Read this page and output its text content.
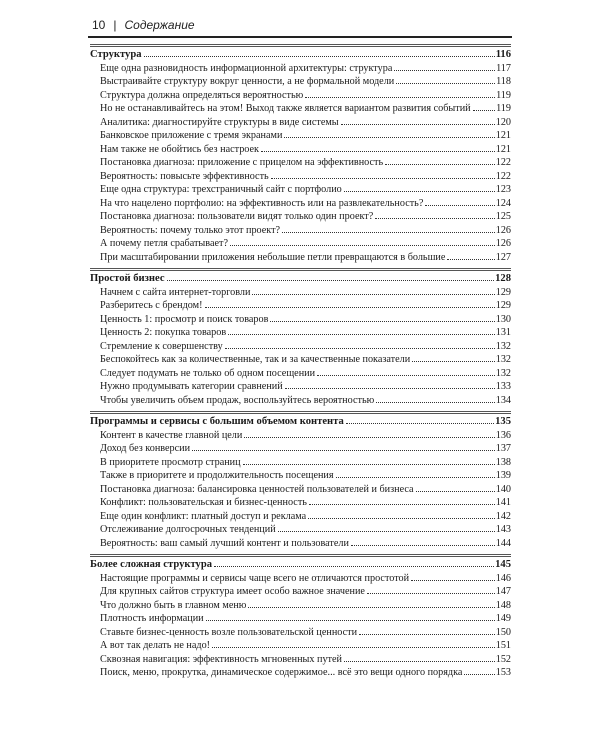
10 | Содержание
Структура	116
Еще одна разновидность информационной архитектуры: структура	117
Выстраивайте структуру вокруг ценности, а не формальной модели	118
Структура должна определяться вероятностью	119
Но не останавливайтесь на этом! Выход также является вариантом развития событий 119
Аналитика: диагностируйте структуры в виде системы	120
Банковское приложение с тремя экранами	121
Нам также не обойтись без настроек	121
Постановка диагноза: приложение с прицелом на эффективность	122
Вероятность: повысьте эффективность	122
Еще одна структура: трехстраничный сайт с портфолио	123
На что нацелено портфолио: на эффективность или на развлекательность?	124
Постановка диагноза: пользователи видят только один проект?	125
Вероятность: почему только этот проект?	126
А почему петля срабатывает?	126
При масштабировании приложения небольшие петли превращаются в большие	127
Простой бизнес	128
Начнем с сайта интернет-торговли	129
Разберитесь с брендом!	129
Ценность 1: просмотр и поиск товаров	130
Ценность 2: покупка товаров	131
Стремление к совершенству	132
Беспокойтесь как за количественные, так и за качественные показатели	132
Следует подумать не только об одном посещении	132
Нужно продумывать категории сравнений	133
Чтобы увеличить объем продаж, воспользуйтесь вероятностью	134
Программы и сервисы с большим объемом контента	135
Контент в качестве главной цели	136
Доход без конверсии	137
В приоритете просмотр страниц	138
Также в приоритете и продолжительность посещения	139
Постановка диагноза: балансировка ценностей пользователей и бизнеса	140
Конфликт: пользовательская и бизнес-ценность	141
Еще один конфликт: платный доступ и реклама	142
Отслеживание долгосрочных тенденций	143
Вероятность: ваш самый лучший контент и пользователи	144
Более сложная структура	145
Настоящие программы и сервисы чаще всего не отличаются простотой	146
Для крупных сайтов структура имеет особо важное значение	147
Что должно быть в главном меню	148
Плотность информации	149
Ставьте бизнес-ценность возле пользовательской ценности	150
А вот так делать не надо!	151
Сквозная навигация: эффективность мгновенных путей	152
Поиск, меню, прокрутка, динамическое содержимое... всё это вещи одного порядка	153
